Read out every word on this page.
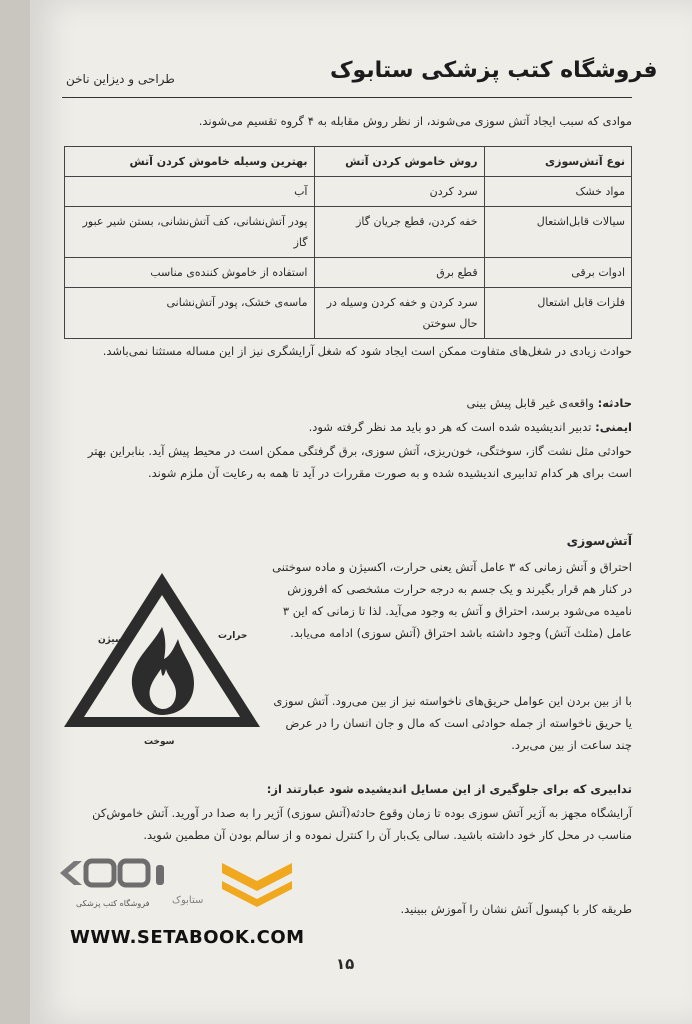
فروشگاه کتب پزشکی ستابوک
طراحی و دیزاین ناخن
موادی که سبب ایجاد آتش سوزی می‌شوند، از نظر روش مقابله به ۴ گروه تقسیم می‌شوند.
نوع آتش‌سوزی	روش خاموش کردن آتش	بهترین وسیله خاموش کردن آتش
مواد خشک	سرد کردن	آب
سیالات قابل‌اشتعال	خفه کردن، قطع جریان گاز	پودر آتش‌نشانی، کف آتش‌نشانی، بستن شیر عبور گاز
ادوات برقی	قطع برق	استفاده از خاموش کننده‌ی مناسب
فلزات قابل اشتعال	سرد کردن و خفه کردن وسیله در حال سوختن	ماسه‌ی خشک، پودر آتش‌نشانی
حوادث زیادی در شغل‌های متفاوت ممکن است ایجاد شود که شغل آرایشگری نیز از این مساله مستثنا نمی‌باشد.
حادثه: واقعه‌ی غیر قابل پیش بینی
ایمنی: تدبیر اندیشیده شده است که هر دو باید مد نظر گرفته شود.
حوادثی مثل نشت گاز، سوختگی، خون‌ریزی، آتش سوزی، برق گرفتگی ممکن است در محیط پیش آید. بنابراین بهتر است برای هر کدام تدابیری اندیشیده شده و به صورت مقررات در آید تا همه به رعایت آن ملزم شوند.
آتش‌سوزی
احتراق و آتش زمانی که ۳ عامل آتش یعنی حرارت، اکسیژن و ماده سوختنی در کنار هم قرار بگیرند و یک جسم به درجه حرارت مشخصی که افروزش نامیده می‌شود برسد، احتراق و آتش به وجود می‌آید. لذا تا زمانی که این ۳ عامل (مثلث آتش) وجود داشته باشد احتراق (آتش سوزی) ادامه می‌یابد.
با از بین بردن این عوامل حریق‌های ناخواسته نیز از بین می‌رود. آتش سوزی یا حریق ناخواسته از جمله حوادثی است که مال و جان انسان را در عرض چند ساعت از بین می‌برد.
اکسیژن	حرارت
سوخت
تدابیری که برای جلوگیری از این مسایل اندیشیده شود عبارتند از:
آرایشگاه مجهز به آژیر آتش سوزی بوده تا زمان وقوع حادثه(آتش سوزی) آژیر را به صدا در آورید. آتش خاموش‌کن مناسب در محل کار خود داشته باشید. سالی یک‌بار آن را کنترل نموده و از سالم بودن آن مطمین شوید.
طریقه کار با کپسول آتش نشان را آموزش ببینید.
فروشگاه کتب پزشکی ستابوک
WWW.SETABOOK.COM
۱۵
